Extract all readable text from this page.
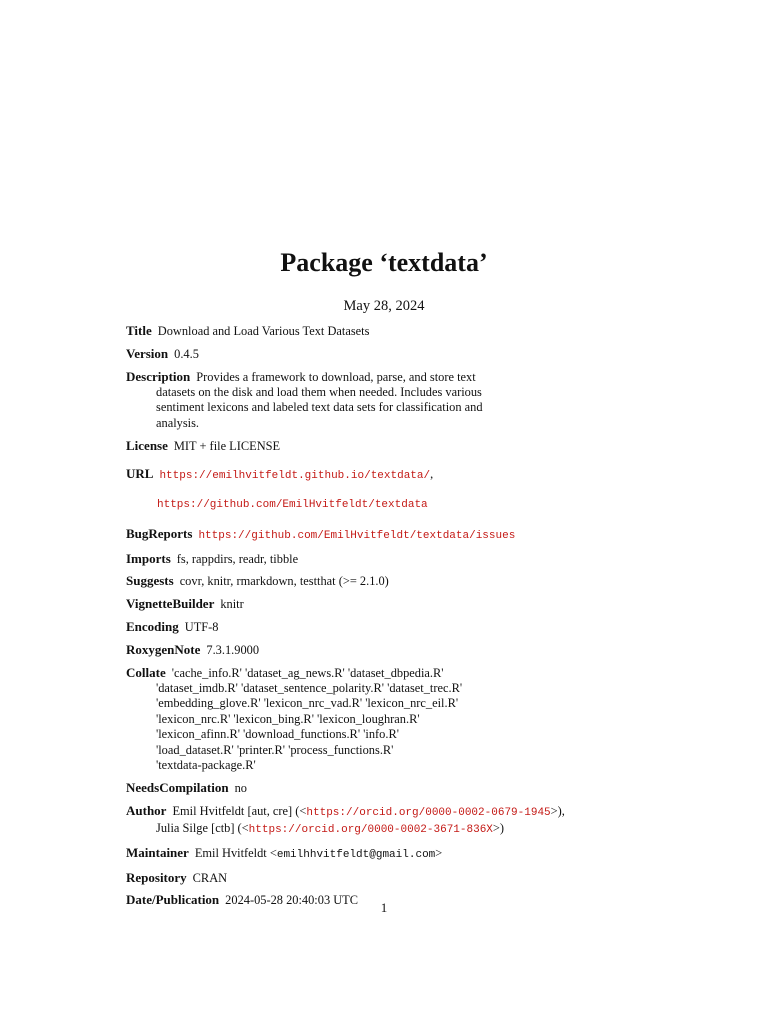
Package ‘textdata’
May 28, 2024
Title Download and Load Various Text Datasets
Version 0.4.5
Description Provides a framework to download, parse, and store text
datasets on the disk and load them when needed. Includes various
sentiment lexicons and labeled text data sets for classification and
analysis.
License MIT + file LICENSE
URL https://emilhvitfeldt.github.io/textdata/,
https://github.com/EmilHvitfeldt/textdata
BugReports https://github.com/EmilHvitfeldt/textdata/issues
Imports fs, rappdirs, readr, tibble
Suggests covr, knitr, rmarkdown, testthat (>= 2.1.0)
VignetteBuilder knitr
Encoding UTF-8
RoxygenNote 7.3.1.9000
Collate 'cache_info.R' 'dataset_ag_news.R' 'dataset_dbpedia.R'
'dataset_imdb.R' 'dataset_sentence_polarity.R' 'dataset_trec.R'
'embedding_glove.R' 'lexicon_nrc_vad.R' 'lexicon_nrc_eil.R'
'lexicon_nrc.R' 'lexicon_bing.R' 'lexicon_loughran.R'
'lexicon_afinn.R' 'download_functions.R' 'info.R'
'load_dataset.R' 'printer.R' 'process_functions.R'
'textdata-package.R'
NeedsCompilation no
Author Emil Hvitfeldt [aut, cre] (<https://orcid.org/0000-0002-0679-1945>),
Julia Silge [ctb] (<https://orcid.org/0000-0002-3671-836X>)
Maintainer Emil Hvitfeldt <emilhhvitfeldt@gmail.com>
Repository CRAN
Date/Publication 2024-05-28 20:40:03 UTC	1
